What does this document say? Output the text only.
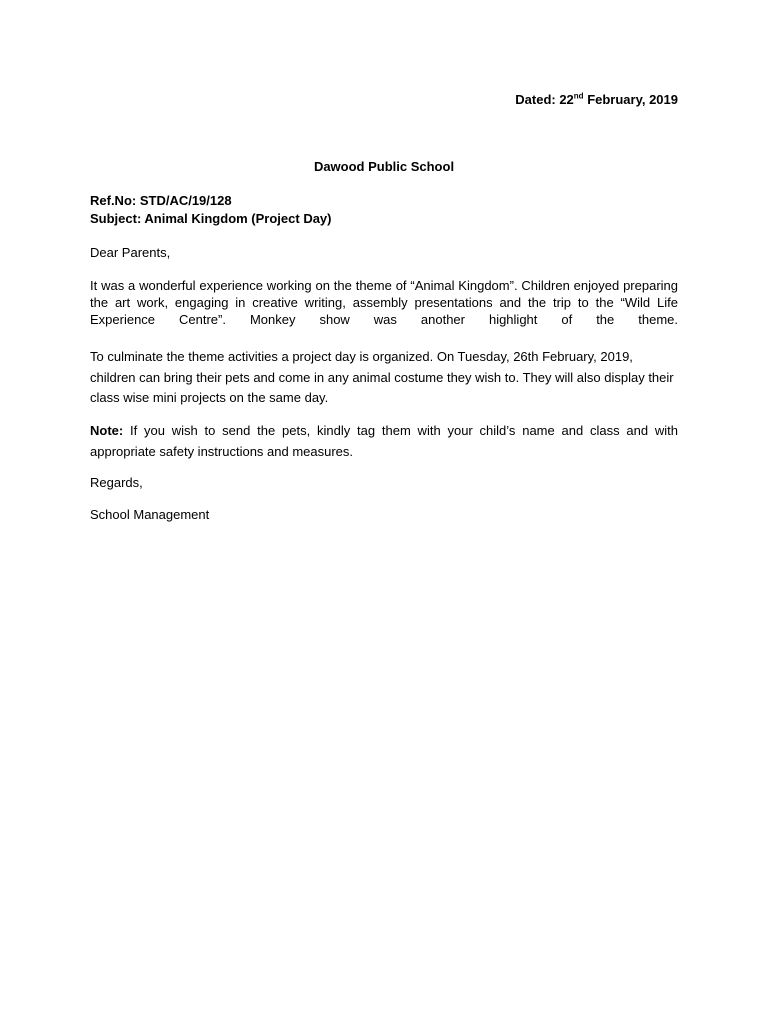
Dated: 22nd February, 2019
Dawood Public School
Ref.No: STD/AC/19/128
Subject: Animal Kingdom (Project Day)
Dear Parents,
It was a wonderful experience working on the theme of “Animal Kingdom”. Children enjoyed preparing the art work, engaging in creative writing, assembly presentations and the trip to the “Wild Life Experience Centre”. Monkey show was another highlight of the theme.
To culminate the theme activities a project day is organized. On Tuesday, 26th February, 2019, children can bring their pets and come in any animal costume they wish to. They will also display their class wise mini projects on the same day.
Note: If you wish to send the pets, kindly tag them with your child’s name and class and with appropriate safety instructions and measures.
Regards,
School Management
